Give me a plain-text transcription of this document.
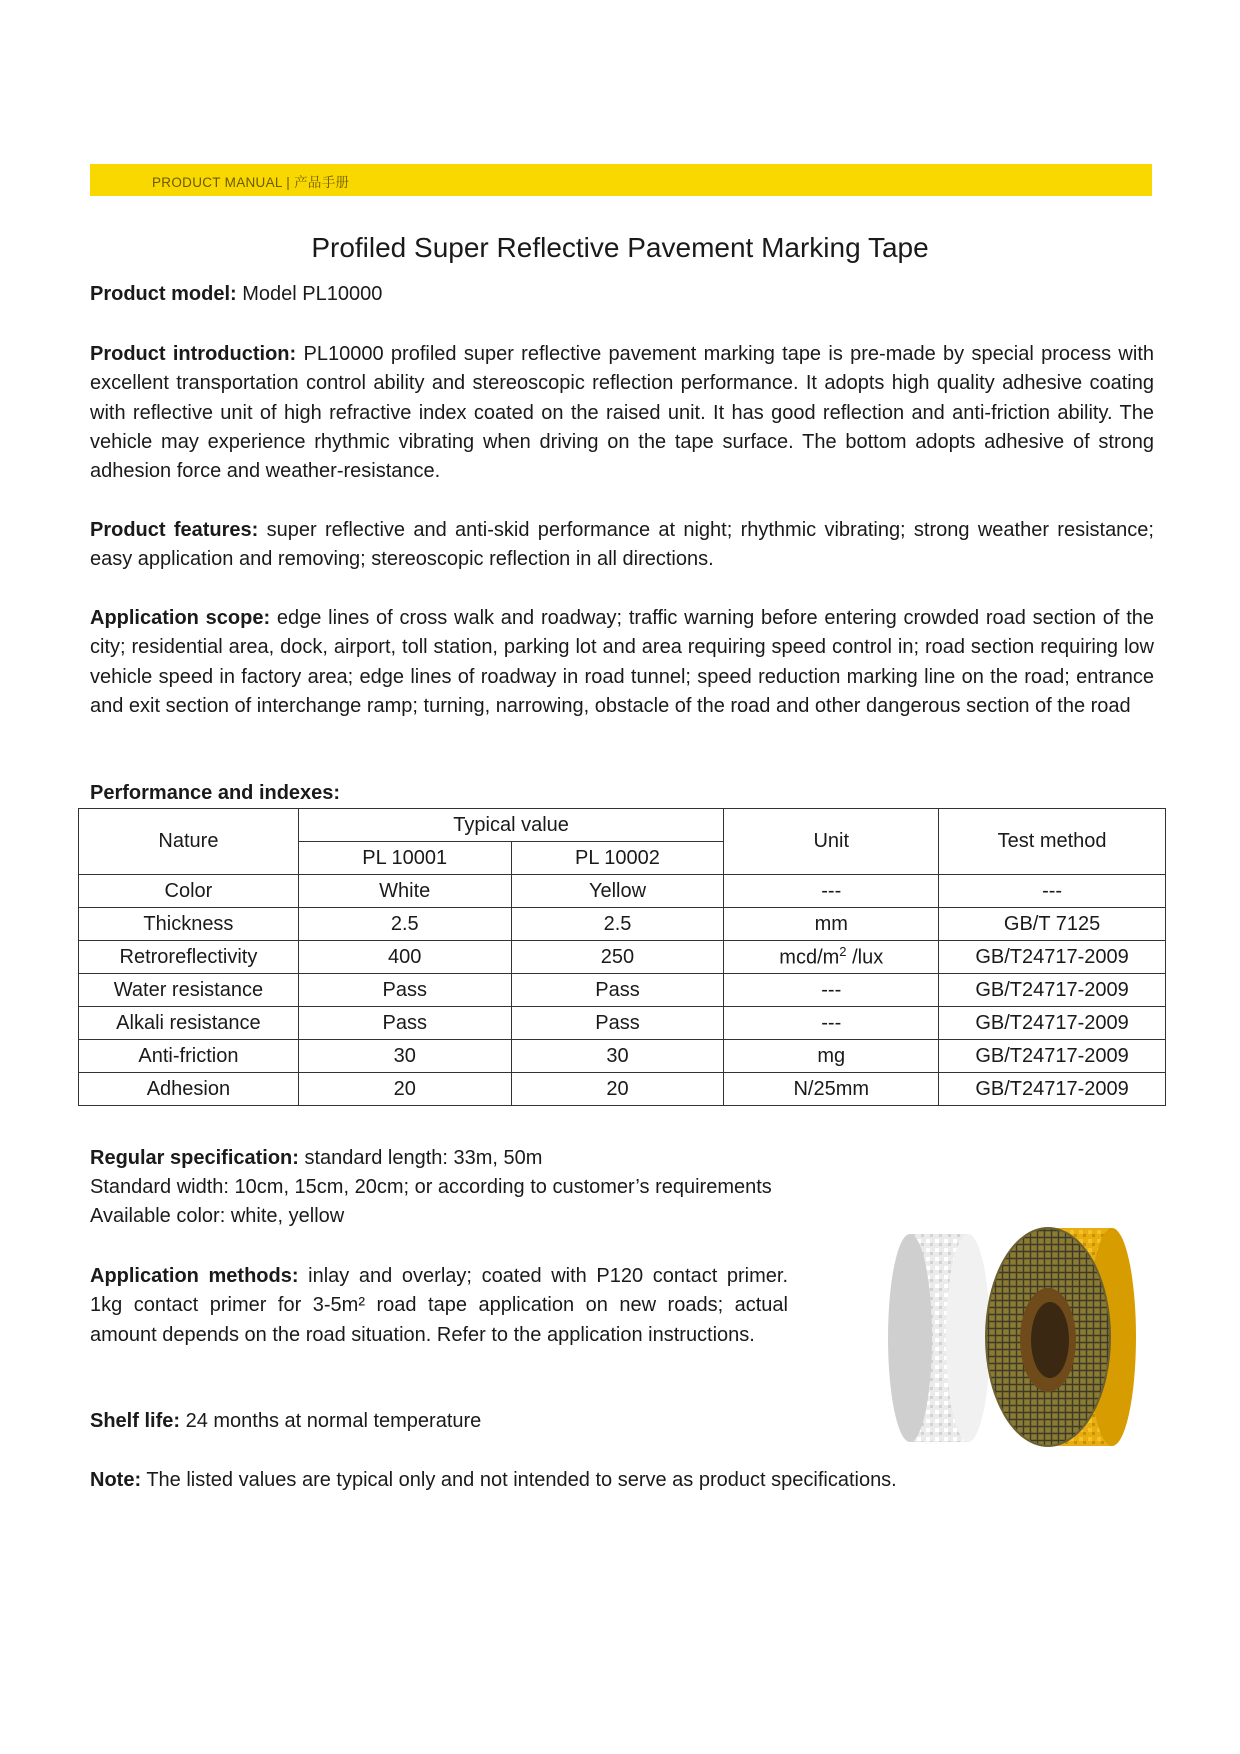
PRODUCT MANUAL | 产品手册
Profiled Super Reflective Pavement Marking Tape

Product model: Model PL10000

Product introduction: PL10000 profiled super reflective pavement marking tape is pre-made by special process with excellent transportation control ability and stereoscopic reflection performance. It adopts high quality adhesive coating with reflective unit of high refractive index coated on the raised unit. It has good reflection and anti-friction ability. The vehicle may experience rhythmic vibrating when driving on the tape surface. The bottom adopts adhesive of strong adhesion force and weather-resistance.

Product features: super reflective and anti-skid performance at night; rhythmic vibrating; strong weather resistance; easy application and removing; stereoscopic reflection in all directions.

Application scope: edge lines of cross walk and roadway; traffic warning before entering crowded road section of the city; residential area, dock, airport, toll station, parking lot and area requiring speed control in; road section requiring low vehicle speed in factory area; edge lines of roadway in road tunnel; speed reduction marking line on the road; entrance and exit section of interchange ramp; turning, narrowing, obstacle of the road and other dangerous section of the road

Performance and indexes:

Nature	Typical value		Unit	Test method
	PL 10001	PL 10002		
Color	White	Yellow	---	---
Thickness	2.5	2.5	mm	GB/T 7125
Retroreflectivity	400	250	mcd/$m^2$ /lux	GB/T24717-2009
Water resistance	Pass	Pass	---	GB/T24717-2009
Alkali resistance	Pass	Pass	---	GB/T24717-2009
Anti-friction	30	30	mg	GB/T24717-2009
Adhesion	20	20	N/25mm	GB/T24717-2009

Regular specification: standard length: 33m, 50m

Standard width: 10cm, 15cm, 20cm; or according to customer’s requirements

Available color: white, yellow

Application methods: inlay and overlay; coated with P120 contact primer. 1kg contact primer for 3-5m² road tape application on new roads; actual amount depends on the road situation. Refer to the application instructions.

Shelf life: 24 months at normal temperature

Note: The listed values are typical only and not intended to serve as product specifications.
